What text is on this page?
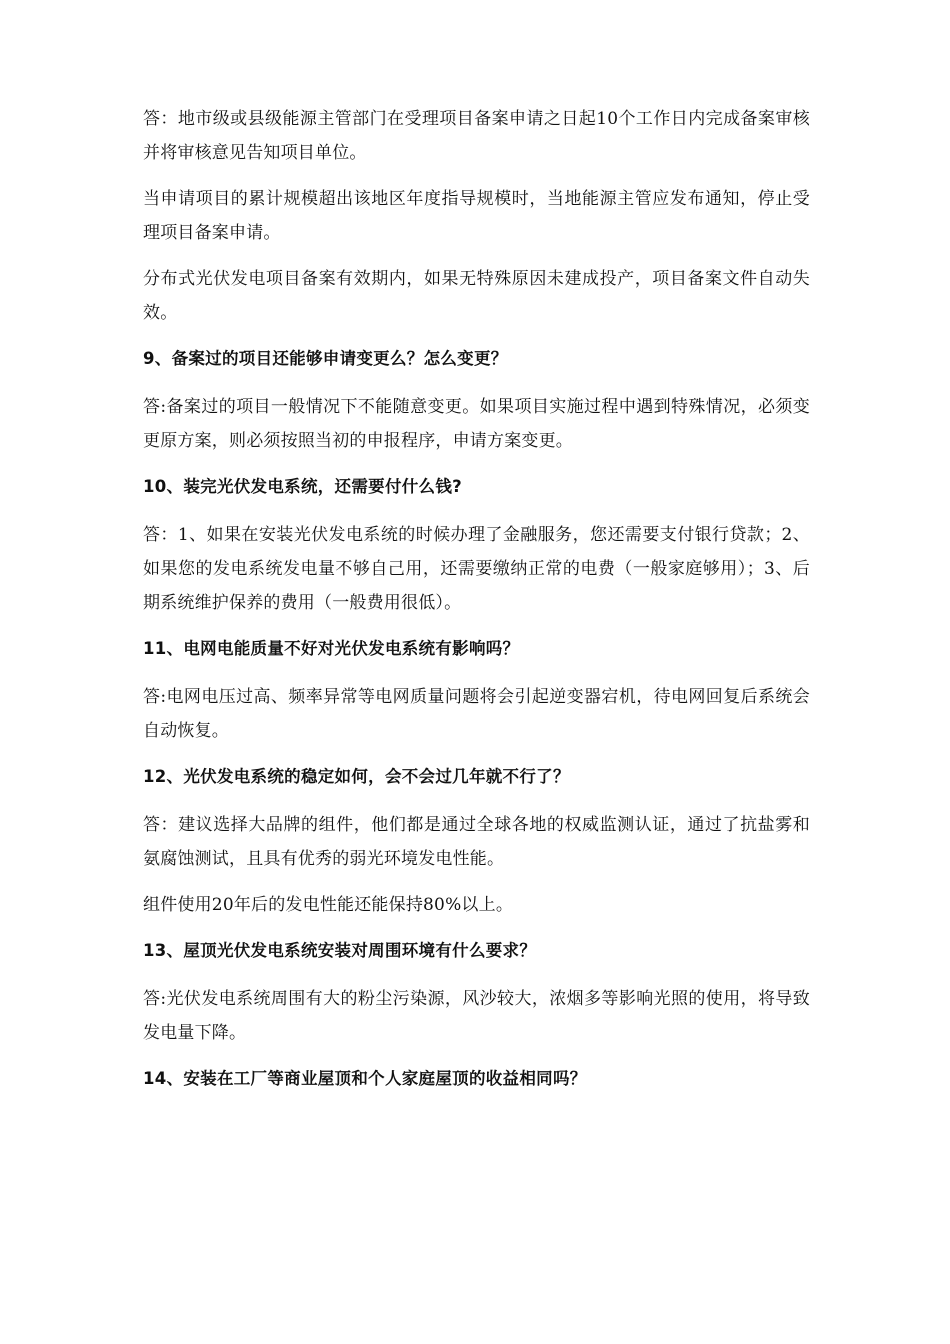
答：地市级或县级能源主管部门在受理项目备案申请之日起10个工作日内完成备案审核并将审核意见告知项目单位。

当申请项目的累计规模超出该地区年度指导规模时，当地能源主管应发布通知，停止受理项目备案申请。

分布式光伏发电项目备案有效期内，如果无特殊原因未建成投产，项目备案文件自动失效。

9、备案过的项目还能够申请变更么？怎么变更？

答:备案过的项目一般情况下不能随意变更。如果项目实施过程中遇到特殊情况，必须变更原方案，则必须按照当初的申报程序，申请方案变更。

10、装完光伏发电系统，还需要付什么钱?

答：1、如果在安装光伏发电系统的时候办理了金融服务，您还需要支付银行贷款；2、如果您的发电系统发电量不够自己用，还需要缴纳正常的电费（一般家庭够用）；3、后期系统维护保养的费用（一般费用很低）。

11、电网电能质量不好对光伏发电系统有影响吗？

答:电网电压过高、频率异常等电网质量问题将会引起逆变器宕机，待电网回复后系统会自动恢复。

12、光伏发电系统的稳定如何，会不会过几年就不行了？

答：建议选择大品牌的组件，他们都是通过全球各地的权威监测认证，通过了抗盐雾和氨腐蚀测试，且具有优秀的弱光环境发电性能。

组件使用20年后的发电性能还能保持80%以上。

13、屋顶光伏发电系统安装对周围环境有什么要求？

答:光伏发电系统周围有大的粉尘污染源，风沙较大，浓烟多等影响光照的使用，将导致发电量下降。

14、安装在工厂等商业屋顶和个人家庭屋顶的收益相同吗？
